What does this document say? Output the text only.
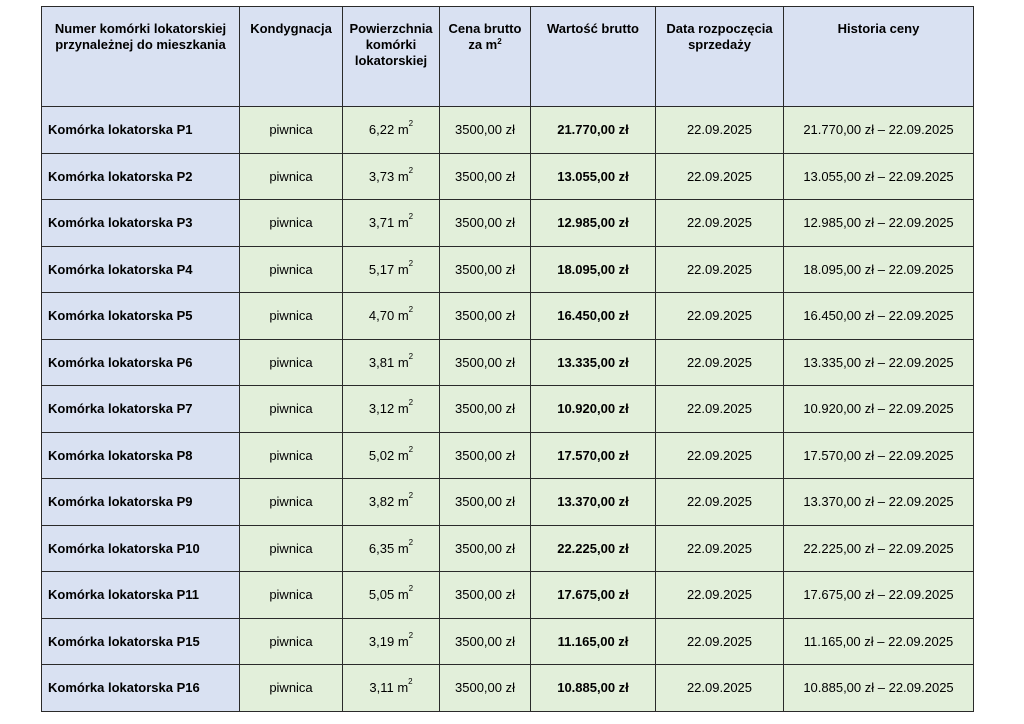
Numer komórki lokatorskiej przynależnej do mieszkania	Kondygnacja	Powierzchnia komórki lokatorskiej	Cena brutto za $m^2$	Wartość brutto	Data rozpoczęcia sprzedaży	Historia ceny
Komórka lokatorska P1	piwnica	6,22 $m^2$	3500,00 zł	21.770,00 zł	22.09.2025	21.770,00 zł – 22.09.2025
Komórka lokatorska P2	piwnica	3,73 $m^2$	3500,00 zł	13.055,00 zł	22.09.2025	13.055,00 zł – 22.09.2025
Komórka lokatorska P3	piwnica	3,71 $m^2$	3500,00 zł	12.985,00 zł	22.09.2025	12.985,00 zł – 22.09.2025
Komórka lokatorska P4	piwnica	5,17 $m^2$	3500,00 zł	18.095,00 zł	22.09.2025	18.095,00 zł – 22.09.2025
Komórka lokatorska P5	piwnica	4,70 $m^2$	3500,00 zł	16.450,00 zł	22.09.2025	16.450,00 zł – 22.09.2025
Komórka lokatorska P6	piwnica	3,81 $m^2$	3500,00 zł	13.335,00 zł	22.09.2025	13.335,00 zł – 22.09.2025
Komórka lokatorska P7	piwnica	3,12 $m^2$	3500,00 zł	10.920,00 zł	22.09.2025	10.920,00 zł – 22.09.2025
Komórka lokatorska P8	piwnica	5,02 $m^2$	3500,00 zł	17.570,00 zł	22.09.2025	17.570,00 zł – 22.09.2025
Komórka lokatorska P9	piwnica	3,82 $m^2$	3500,00 zł	13.370,00 zł	22.09.2025	13.370,00 zł – 22.09.2025
Komórka lokatorska P10	piwnica	6,35 $m^2$	3500,00 zł	22.225,00 zł	22.09.2025	22.225,00 zł – 22.09.2025
Komórka lokatorska P11	piwnica	5,05 $m^2$	3500,00 zł	17.675,00 zł	22.09.2025	17.675,00 zł – 22.09.2025
Komórka lokatorska P15	piwnica	3,19 $m^2$	3500,00 zł	11.165,00 zł	22.09.2025	11.165,00 zł – 22.09.2025
Komórka lokatorska P16	piwnica	3,11 $m^2$	3500,00 zł	10.885,00 zł	22.09.2025	10.885,00 zł – 22.09.2025
